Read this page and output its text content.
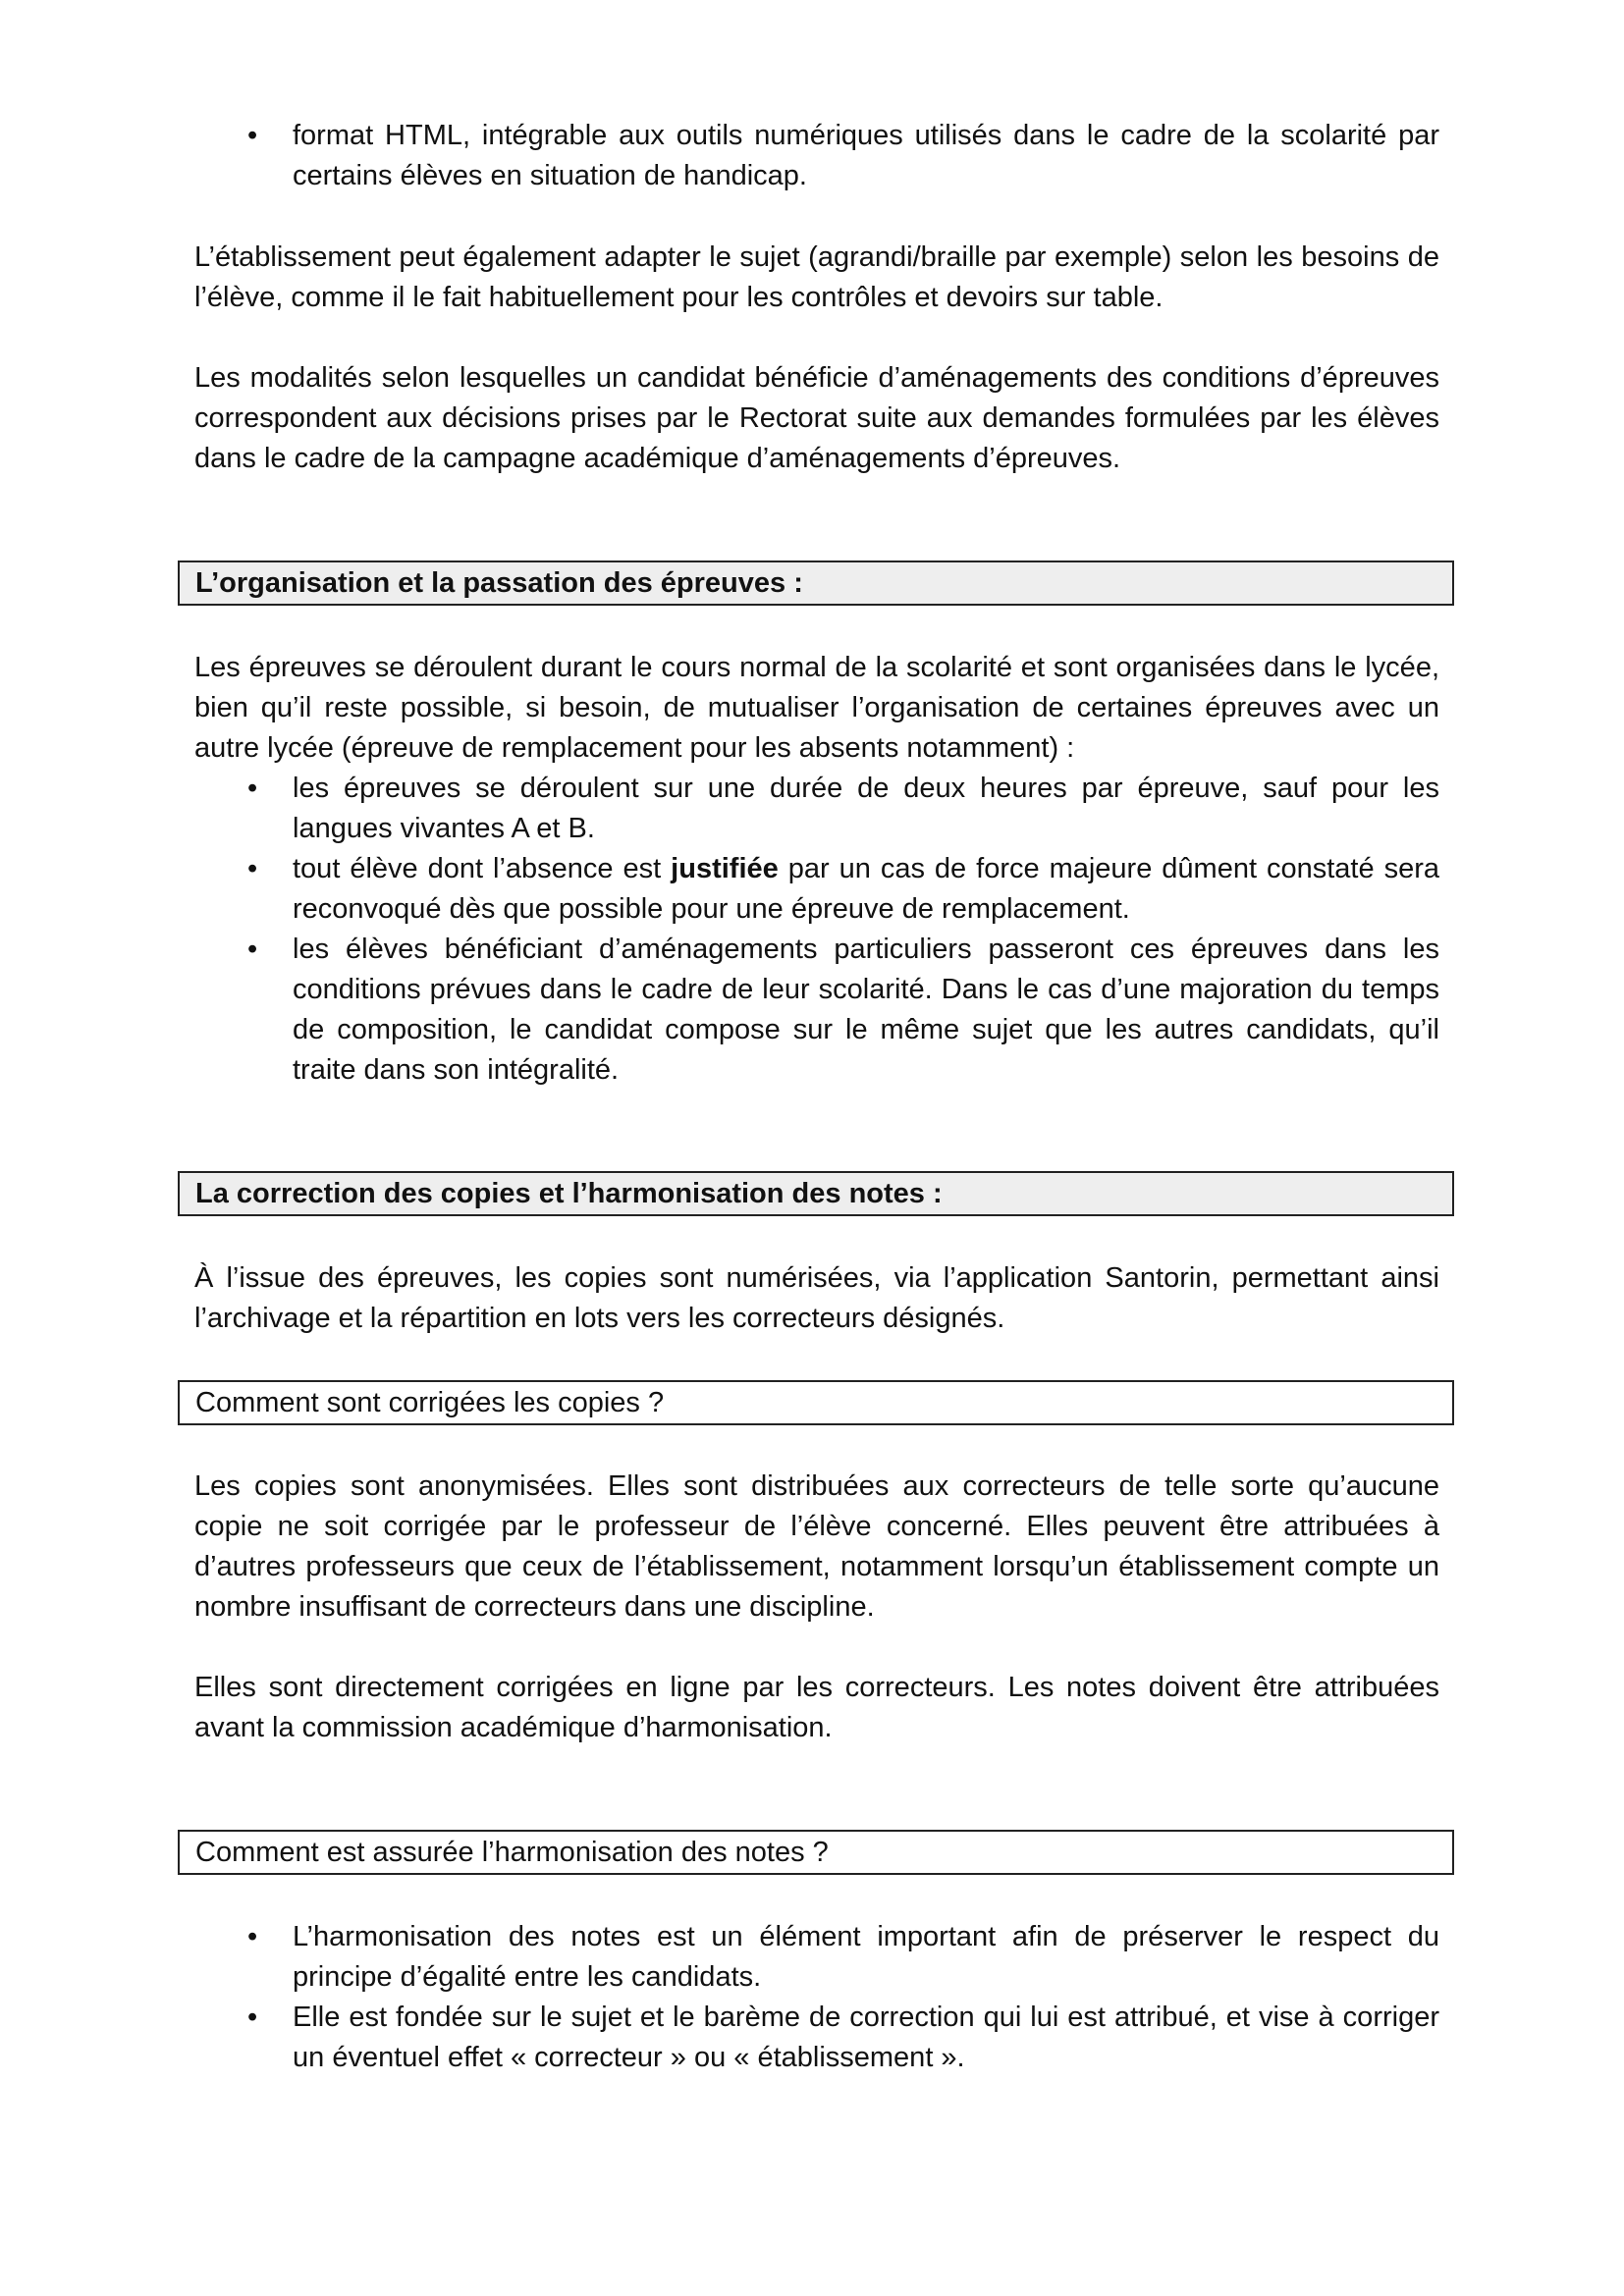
• format HTML, intégrable aux outils numériques utilisés dans le cadre de la scolarité par certains élèves en situation de handicap.

L’établissement peut également adapter le sujet (agrandi/braille par exemple) selon les besoins de l’élève, comme il le fait habituellement pour les contrôles et devoirs sur table.

Les modalités selon lesquelles un candidat bénéficie d’aménagements des conditions d’épreuves correspondent aux décisions prises par le Rectorat suite aux demandes formulées par les élèves dans le cadre de la campagne académique d’aménagements d’épreuves.

L’organisation et la passation des épreuves :

Les épreuves se déroulent durant le cours normal de la scolarité et sont organisées dans le lycée, bien qu’il reste possible, si besoin, de mutualiser l’organisation de certaines épreuves avec un autre lycée (épreuve de remplacement pour les absents notamment) :

• les épreuves se déroulent sur une durée de deux heures par épreuve, sauf pour les langues vivantes A et B.
• tout élève dont l’absence est justifiée par un cas de force majeure dûment constaté sera reconvoqué dès que possible pour une épreuve de remplacement.
• les élèves bénéficiant d’aménagements particuliers passeront ces épreuves dans les conditions prévues dans le cadre de leur scolarité. Dans le cas d’une majoration du temps de composition, le candidat compose sur le même sujet que les autres candidats, qu’il traite dans son intégralité.
La correction des copies et l’harmonisation des notes :

À l’issue des épreuves, les copies sont numérisées, via l’application Santorin, permettant ainsi l’archivage et la répartition en lots vers les correcteurs désignés.

Comment sont corrigées les copies ?

Les copies sont anonymisées. Elles sont distribuées aux correcteurs de telle sorte qu’aucune copie ne soit corrigée par le professeur de l’élève concerné. Elles peuvent être attribuées à d’autres professeurs que ceux de l’établissement, notamment lorsqu’un établissement compte un nombre insuffisant de correcteurs dans une discipline.

Elles sont directement corrigées en ligne par les correcteurs. Les notes doivent être attribuées avant la commission académique d’harmonisation.

Comment est assurée l’harmonisation des notes ?
• L’harmonisation des notes est un élément important afin de préserver le respect du principe d’égalité entre les candidats.
• Elle est fondée sur le sujet et le barème de correction qui lui est attribué, et vise à corriger un éventuel effet « correcteur » ou « établissement ».
